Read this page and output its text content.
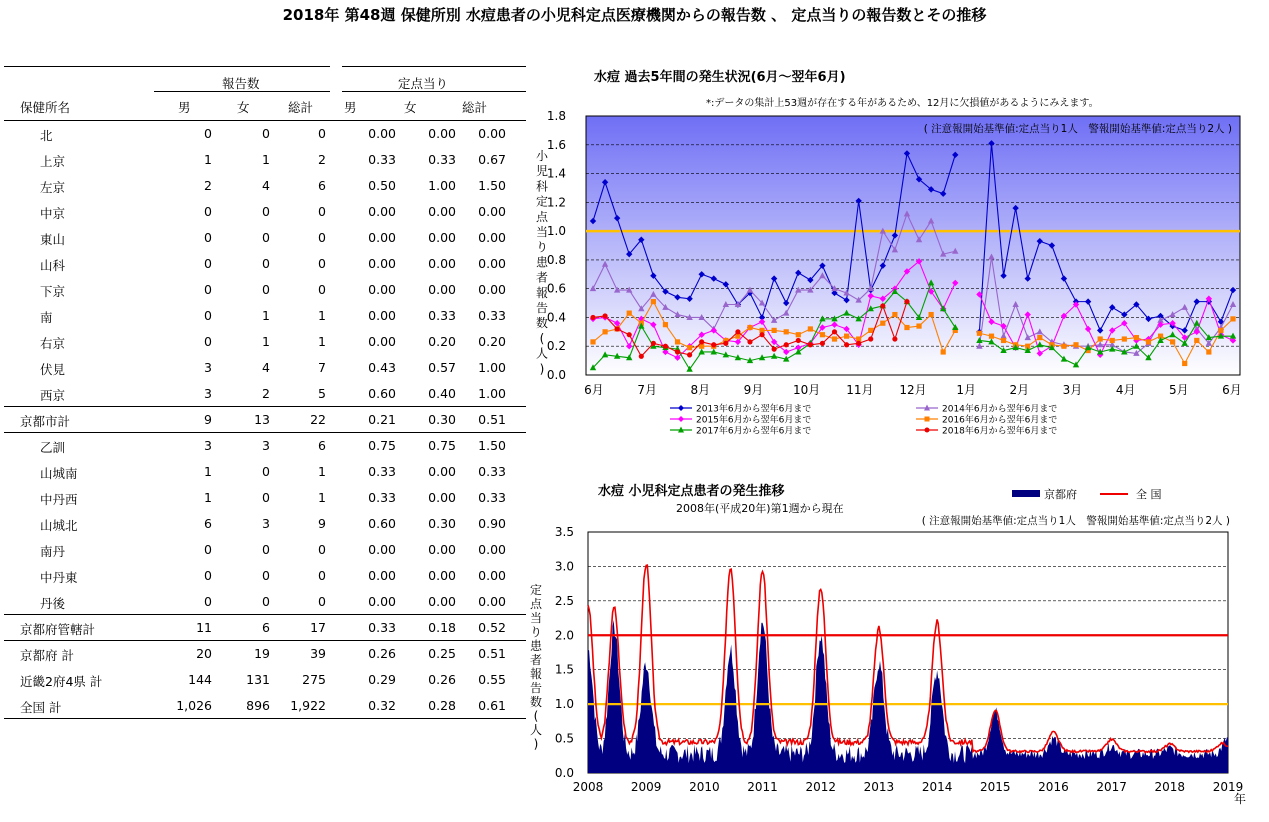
2018年 第48週 保健所別 水痘患者の小児科定点医療機関からの報告数 、 定点当りの報告数とその推移
報告数	定点当り
保健所名	男	女	総計 男	女	総計
北	0	0	0	0.00	0.00	0.00
上京	1	1	2	0.33	0.33	0.67
左京	2	4	6	0.50	1.00	1.50
中京	0	0	0	0.00	0.00	0.00
東山	0	0	0	0.00	0.00	0.00
山科	0	0	0	0.00	0.00	0.00
下京	0	0	0	0.00	0.00	0.00
南	0	1	1	0.00	0.33	0.33
右京	0	1	1	0.00	0.20	0.20
伏見	3	4	7	0.43	0.57	1.00
西京	3	2	5	0.60	0.40	1.00
京都市計	9	13	22	0.21	0.30	0.51
乙訓	3	3	6	0.75	0.75	1.50
山城南	1	0	1	0.33	0.00	0.33
中丹西	1	0	1	0.33	0.00	0.33
山城北	6	3	9	0.60	0.30	0.90
南丹	0	0	0	0.00	0.00	0.00
中丹東	0	0	0	0.00	0.00	0.00
丹後	0	0	0	0.00	0.00	0.00
京都府管轄計	11	6	17	0.33	0.18	0.52
京都府 計	20	19	39	0.26	0.25	0.51
近畿2府4県 計	144	131	275	0.29	0.26	0.55
全国 計	1,026	896	1,922	0.32	0.28	0.61
水痘 過去5年間の発生状況(6月～翌年6月)
*:データの集計上53週が存在する年があるため、12月に欠損値があるようにみえます。
0.0
0.2
0.4
0.6
0.8
1.0
1.2
1.4
1.6
1.8
( 注意報開始基準値:定点当り1人　警報開始基準値:定点当り2人 )
6月	7月	8月	9月 10月 11月 12月 1月	2月	3月	4月	5月	6月
小
児
科
定
点
当
り
患
者
報
告
数
(
人
)
2013年6月から翌年6月まで	2014年6月から翌年6月まで
2015年6月から翌年6月まで	2016年6月から翌年6月まで
2017年6月から翌年6月まで	2018年6月から翌年6月まで
水痘 小児科定点患者の発生推移
2008年(平成20年)第1週から現在
0.0
0.5
1.0
1.5
2.0
2.5
3.0
3.5
( 注意報開始基準値:定点当り1人　警報開始基準値:定点当り2人 )
2008 2009 2010 2011 2012 2013 2014 2015 2016 2017 2018 2019
年
定
点
当
り
患
者
報
告
数
(
人
)
京都府	全 国
